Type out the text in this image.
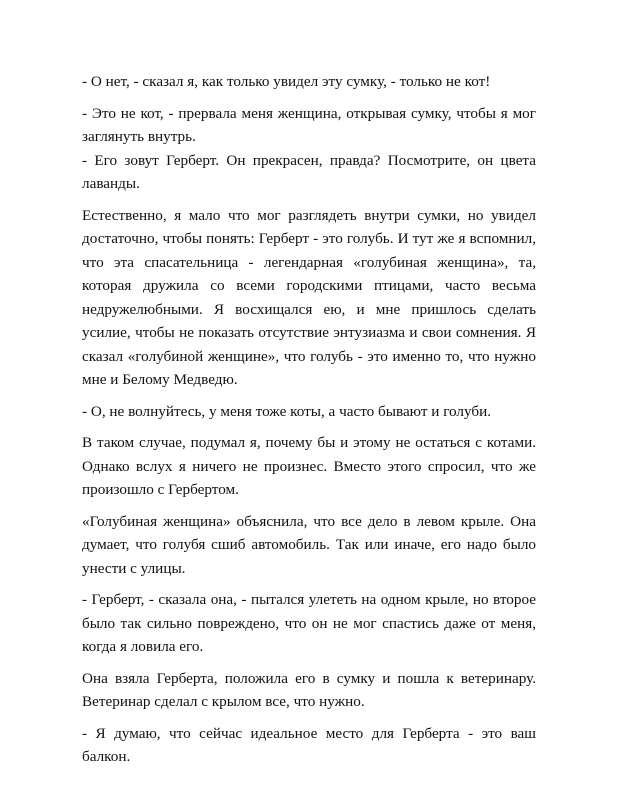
- О нет, - сказал я, как только увидел эту сумку, - только не кот!

- Это не кот, - прервала меня женщина, открывая сумку, чтобы я мог заглянуть внутрь.

- Его зовут Герберт. Он прекрасен, правда? Посмотрите, он цвета лаванды.

Естественно, я мало что мог разглядеть внутри сумки, но увидел достаточно, чтобы понять: Герберт - это голубь. И тут же я вспомнил, что эта спасательница - легендарная «голубиная женщина», та, которая дружила со всеми городскими птицами, часто весьма недружелюбными. Я восхищался ею, и мне пришлось сделать усилие, чтобы не показать отсутствие энтузиазма и свои сомнения. Я сказал «голубиной женщине», что голубь - это именно то, что нужно мне и Белому Медведю.

- О, не волнуйтесь, у меня тоже коты, а часто бывают и голуби.

В таком случае, подумал я, почему бы и этому не остаться с котами. Однако вслух я ничего не произнес. Вместо этого спросил, что же произошло с Гербертом.

«Голубиная женщина» объяснила, что все дело в левом крыле. Она думает, что голубя сшиб автомобиль. Так или иначе, его надо было унести с улицы.

- Герберт, - сказала она, - пытался улететь на одном крыле, но второе было так сильно повреждено, что он не мог спастись даже от меня, когда я ловила его.

Она взяла Герберта, положила его в сумку и пошла к ветеринару. Ветеринар сделал с крылом все, что нужно.

- Я думаю, что сейчас идеальное место для Герберта - это ваш балкон.
